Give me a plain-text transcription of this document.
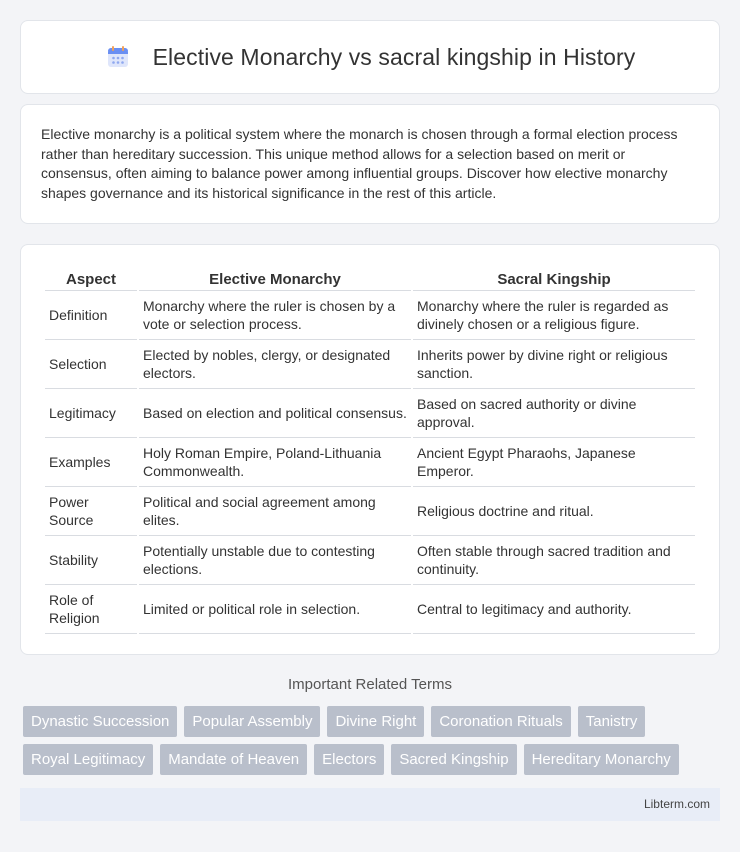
Elective Monarchy vs sacral kingship in History

Elective monarchy is a political system where the monarch is chosen through a formal election process rather than hereditary succession. This unique method allows for a selection based on merit or consensus, often aiming to balance power among influential groups. Discover how elective monarchy shapes governance and its historical significance in the rest of this article.

Aspect	Elective Monarchy	Sacral Kingship
Definition	Monarchy where the ruler is chosen by a vote or selection process.	Monarchy where the ruler is regarded as divinely chosen or a religious figure.
Selection	Elected by nobles, clergy, or designated electors.	Inherits power by divine right or religious sanction.
Legitimacy	Based on election and political consensus.	Based on sacred authority or divine approval.
Examples	Holy Roman Empire, Poland-Lithuania Commonwealth.	Ancient Egypt Pharaohs, Japanese Emperor.
Power Source	Political and social agreement among elites.	Religious doctrine and ritual.
Stability	Potentially unstable due to contesting elections.	Often stable through sacred tradition and continuity.
Role of Religion	Limited or political role in selection.	Central to legitimacy and authority.
Important Related Terms
Dynastic Succession	Popular Assembly	Divine Right	Coronation Rituals	Tanistry
Royal Legitimacy	Mandate of Heaven	Electors	Sacred Kingship	Hereditary Monarchy
Libterm.com
